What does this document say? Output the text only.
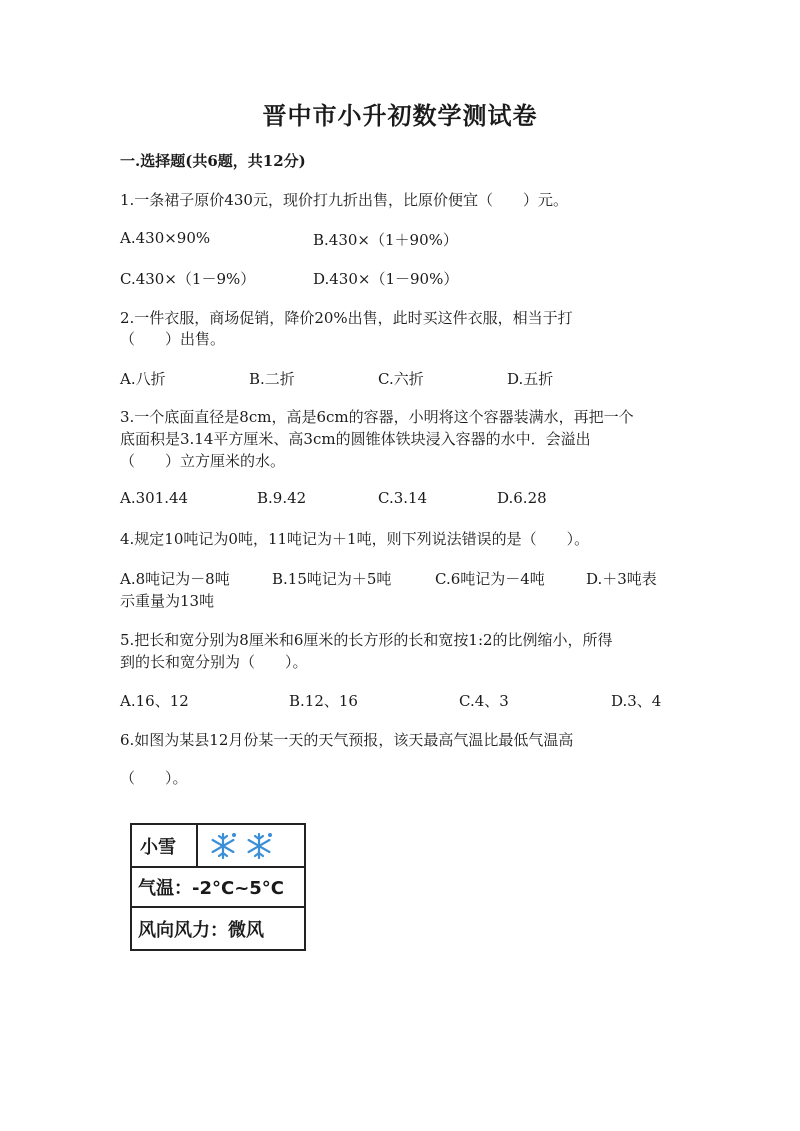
晋中市小升初数学测试卷
一.选择题(共6题，共12分)
1.一条裙子原价430元，现价打九折出售，比原价便宜（　　）元。
A.430×90%	B.430×（1＋90%）
C.430×（1－9%）	D.430×（1－90%）
2.一件衣服，商场促销，降价20%出售，此时买这件衣服，相当于打
（　　）出售。
A.八折	B.二折	C.六折	D.五折
3.一个底面直径是8cm，高是6cm的容器，小明将这个容器装满水，再把一个
底面积是3.14平方厘米、高3cm的圆锥体铁块浸入容器的水中．会溢出
（　　）立方厘米的水。
A.301.44	B.9.42	C.3.14	D.6.28
4.规定10吨记为0吨，11吨记为＋1吨，则下列说法错误的是（　　）。
A.8吨记为－8吨	B.15吨记为＋5吨	C.6吨记为－4吨	D.＋3吨表
示重量为13吨
5.把长和宽分别为8厘米和6厘米的长方形的长和宽按1:2的比例缩小，所得
到的长和宽分别为（　　）。
A.16、12	B.12、16	C.4、3	D.3、4
6.如图为某县12月份某一天的天气预报，该天最高气温比最低气温高
（　　）。
小雪
气温：-2°C~5°C
风向风力：微风
